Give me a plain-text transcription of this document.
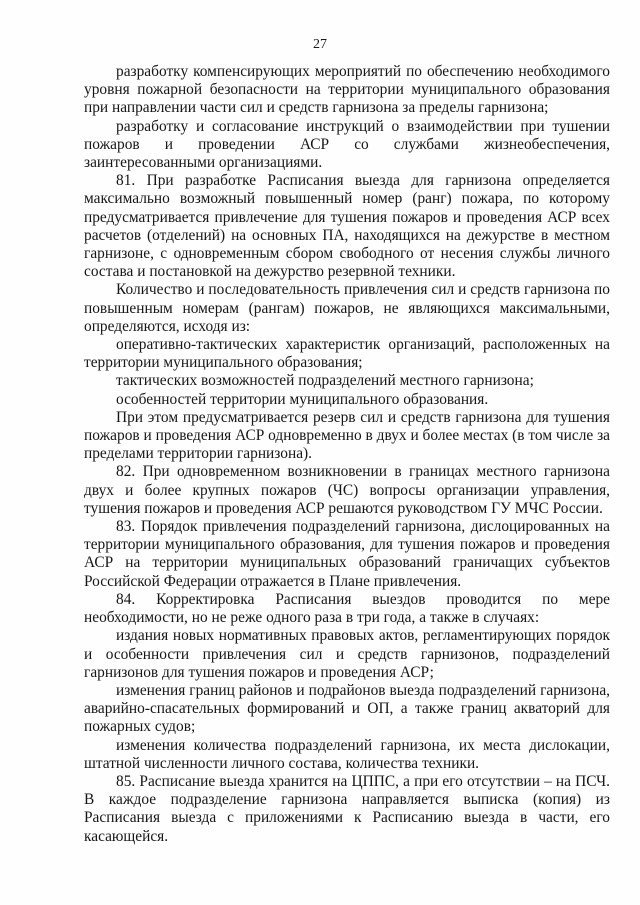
27

разработку компенсирующих мероприятий по обеспечению необходимого уровня пожарной безопасности на территории муниципального образования при направлении части сил и средств гарнизона за пределы гарнизона;

разработку и согласование инструкций о взаимодействии при тушении пожаров и проведении АСР со службами жизнеобеспечения, заинтересованными организациями.

81. При разработке Расписания выезда для гарнизона определяется максимально возможный повышенный номер (ранг) пожара, по которому предусматривается привлечение для тушения пожаров и проведения АСР всех расчетов (отделений) на основных ПА, находящихся на дежурстве в местном гарнизоне, с одновременным сбором свободного от несения службы личного состава и постановкой на дежурство резервной техники.

Количество и последовательность привлечения сил и средств гарнизона по повышенным номерам (рангам) пожаров, не являющихся максимальными, определяются, исходя из:

оперативно-тактических характеристик организаций, расположенных на территории муниципального образования;

тактических возможностей подразделений местного гарнизона;

особенностей территории муниципального образования.

При этом предусматривается резерв сил и средств гарнизона для тушения пожаров и проведения АСР одновременно в двух и более местах (в том числе за пределами территории гарнизона).

82. При одновременном возникновении в границах местного гарнизона двух и более крупных пожаров (ЧС) вопросы организации управления, тушения пожаров и проведения АСР решаются руководством ГУ МЧС России.

83. Порядок привлечения подразделений гарнизона, дислоцированных на территории муниципального образования, для тушения пожаров и проведения АСР на территории муниципальных образований граничащих субъектов Российской Федерации отражается в Плане привлечения.

84. Корректировка Расписания выездов проводится по мере необходимости, но не реже одного раза в три года, а также в случаях:

издания новых нормативных правовых актов, регламентирующих порядок и особенности привлечения сил и средств гарнизонов, подразделений гарнизонов для тушения пожаров и проведения АСР;

изменения границ районов и подрайонов выезда подразделений гарнизона, аварийно-спасательных формирований и ОП, а также границ акваторий для пожарных судов;

изменения количества подразделений гарнизона, их места дислокации, штатной численности личного состава, количества техники.

85. Расписание выезда хранится на ЦППС, а при его отсутствии – на ПСЧ. В каждое подразделение гарнизона направляется выписка (копия) из Расписания выезда с приложениями к Расписанию выезда в части, его касающейся.
